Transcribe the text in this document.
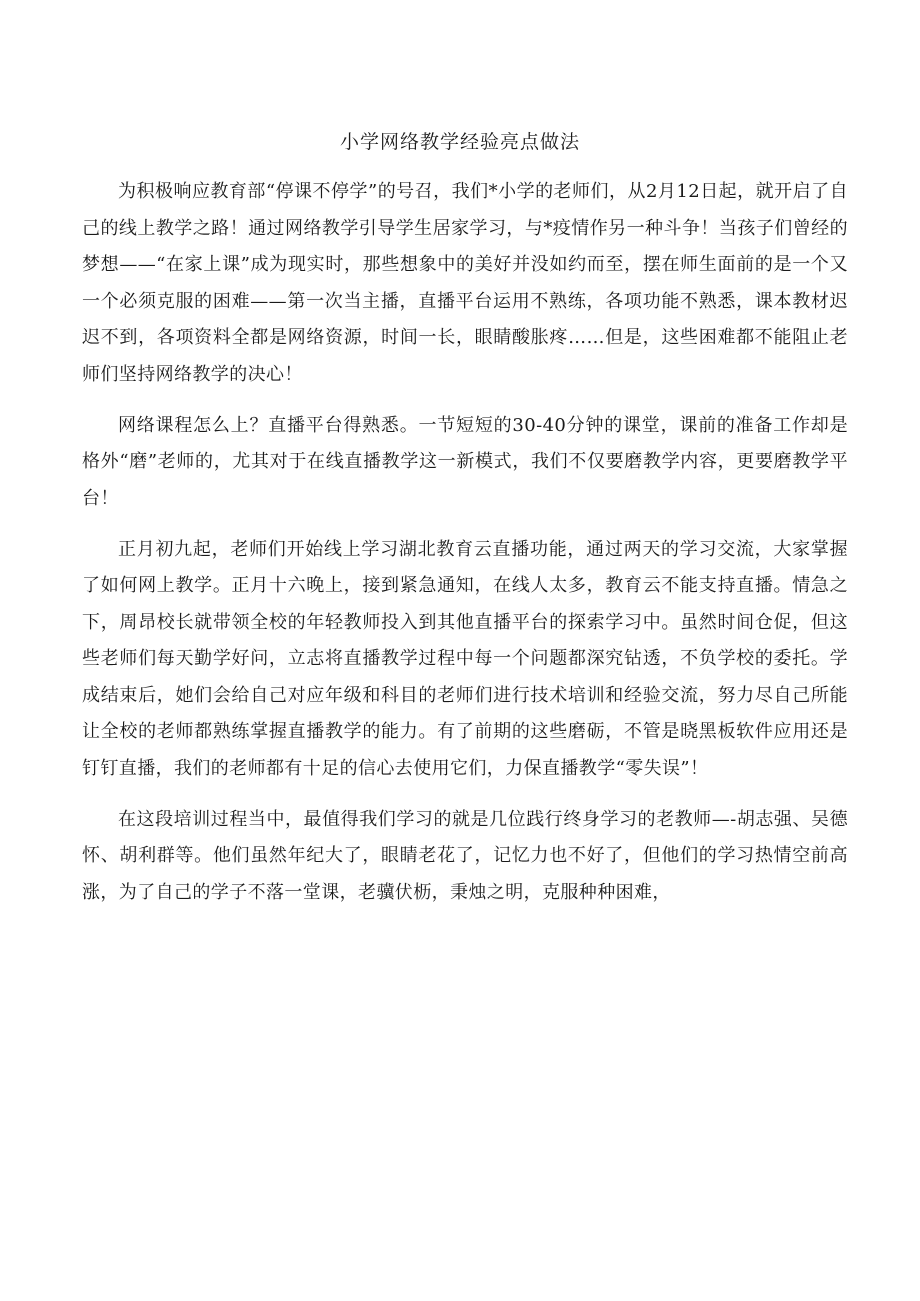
小学网络教学经验亮点做法

为积极响应教育部“停课不停学”的号召，我们*小学的老师们，从2月12日起，就开启了自己的线上教学之路！通过网络教学引导学生居家学习，与*疫情作另一种斗争！当孩子们曾经的梦想——“在家上课”成为现实时，那些想象中的美好并没如约而至，摆在师生面前的是一个又一个必须克服的困难——第一次当主播，直播平台运用不熟练，各项功能不熟悉，课本教材迟迟不到，各项资料全都是网络资源，时间一长，眼睛酸胀疼……但是，这些困难都不能阻止老师们坚持网络教学的决心！

网络课程怎么上？直播平台得熟悉。一节短短的30-40分钟的课堂，课前的准备工作却是格外“磨”老师的，尤其对于在线直播教学这一新模式，我们不仅要磨教学内容，更要磨教学平台！

正月初九起，老师们开始线上学习湖北教育云直播功能，通过两天的学习交流，大家掌握了如何网上教学。正月十六晚上，接到紧急通知，在线人太多，教育云不能支持直播。情急之下，周昂校长就带领全校的年轻教师投入到其他直播平台的探索学习中。虽然时间仓促，但这些老师们每天勤学好问，立志将直播教学过程中每一个问题都深究钻透，不负学校的委托。学成结束后，她们会给自己对应年级和科目的老师们进行技术培训和经验交流，努力尽自己所能让全校的老师都熟练掌握直播教学的能力。有了前期的这些磨砺，不管是晓黑板软件应用还是钉钉直播，我们的老师都有十足的信心去使用它们，力保直播教学“零失误”！

在这段培训过程当中，最值得我们学习的就是几位践行终身学习的老教师—-胡志强、吴德怀、胡利群等。他们虽然年纪大了，眼睛老花了，记忆力也不好了，但他们的学习热情空前高涨，为了自己的学子不落一堂课，老骥伏枥，秉烛之明，克服种种困难，
